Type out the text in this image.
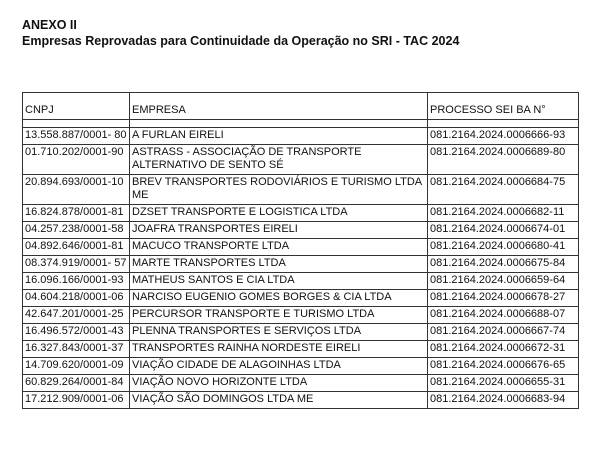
ANEXO II
Empresas Reprovadas para Continuidade da Operação no SRI - TAC 2024
CNPJ	EMPRESA	PROCESSO SEI BA N°

13.558.887/0001- 80	A FURLAN EIRELI	081.2164.2024.0006666-93
01.710.202/0001-90	ASTRASS - ASSOCIAÇÃO DE TRANSPORTE ALTERNATIVO DE SENTO SÉ	081.2164.2024.0006689-80
20.894.693/0001-10	BREV TRANSPORTES RODOVIÁRIOS E TURISMO LTDA ME	081.2164.2024.0006684-75
16.824.878/0001-81	DZSET TRANSPORTE E LOGISTICA LTDA	081.2164.2024.0006682-11
04.257.238/0001-58	JOAFRA TRANSPORTES EIRELI	081.2164.2024.0006674-01
04.892.646/0001-81	MACUCO TRANSPORTE LTDA	081.2164.2024.0006680-41
08.374.919/0001- 57	MARTE TRANSPORTES LTDA	081.2164.2024.0006675-84
16.096.166/0001-93	MATHEUS SANTOS E CIA LTDA	081.2164.2024.0006659-64
04.604.218/0001-06	NARCISO EUGENIO GOMES BORGES & CIA LTDA	081.2164.2024.0006678-27
42.647.201/0001-25	PERCURSOR TRANSPORTE E TURISMO LTDA	081.2164.2024.0006688-07
16.496.572/0001-43	PLENNA TRANSPORTES E SERVIÇOS LTDA	081.2164.2024.0006667-74
16.327.843/0001-37	TRANSPORTES RAINHA NORDESTE EIRELI	081.2164.2024.0006672-31
14.709.620/0001-09	VIAÇÃO CIDADE DE ALAGOINHAS LTDA	081.2164.2024.0006676-65
60.829.264/0001-84	VIAÇÃO NOVO HORIZONTE LTDA	081.2164.2024.0006655-31
17.212.909/0001-06	VIAÇÃO SÃO DOMINGOS LTDA ME	081.2164.2024.0006683-94
